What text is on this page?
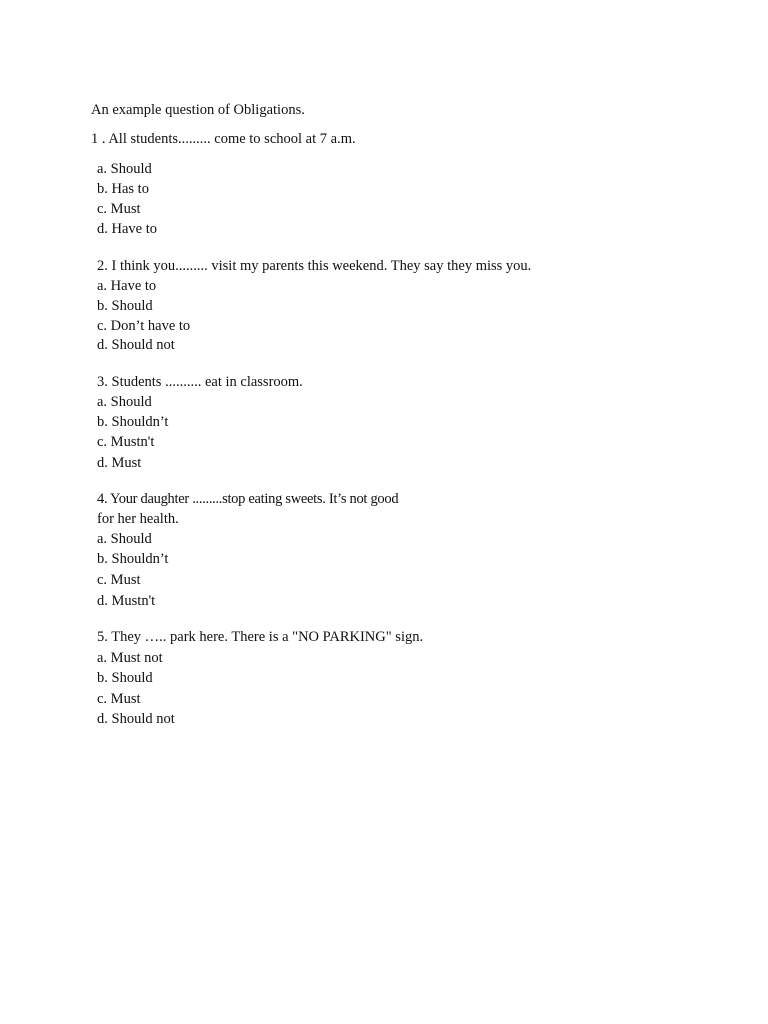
An example question of Obligations.
1 . All students......... come to school at 7 a.m.
a. Should
b. Has to
c. Must
d. Have to
2. I think you......... visit my parents this weekend. They say they miss you.
a. Have to
b. Should
c. Don’t have to
d. Should not
3. Students .......... eat in classroom.
a. Should
b. Shouldn’t
c. Mustn't
d. Must
4. Your daughter .........stop eating sweets. It’s not good
for her health.
a. Should
b. Shouldn’t
c. Must
d. Mustn't
5. They ….. park here. There is a "NO PARKING" sign.
a. Must not
b. Should
c. Must
d. Should not
